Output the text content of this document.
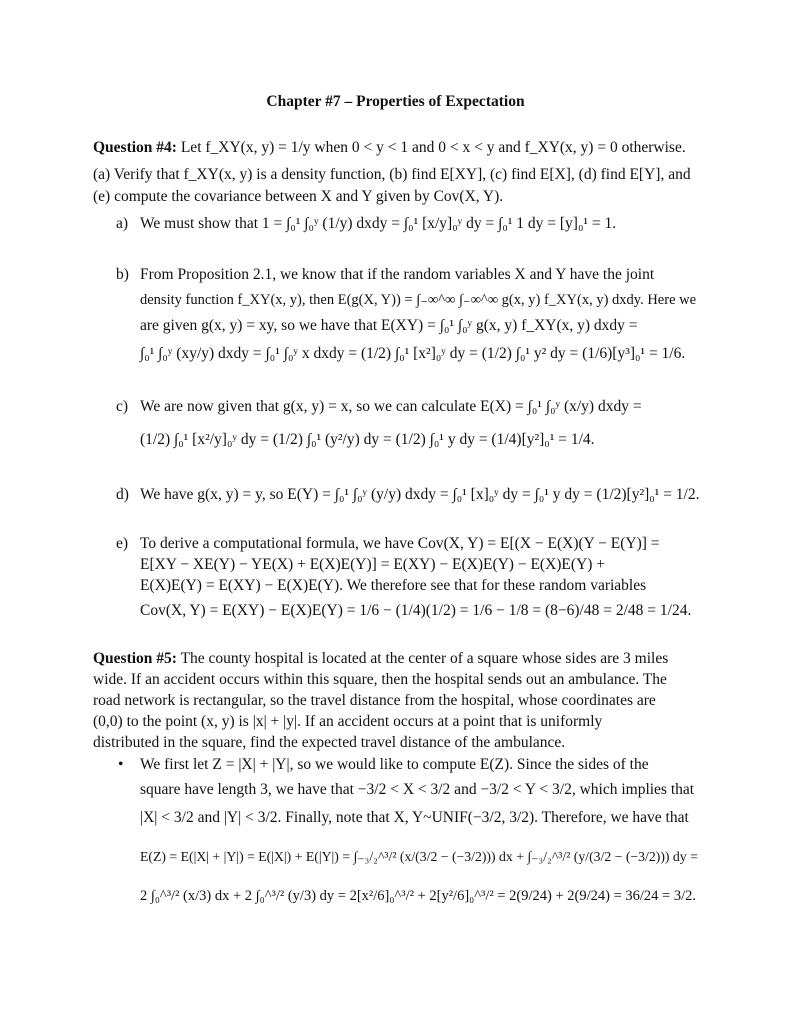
Chapter #7 – Properties of Expectation
Question #4: Let f_XY(x, y) = 1/y when 0 < y < 1 and 0 < x < y and f_XY(x, y) = 0 otherwise.
(a) Verify that f_XY(x, y) is a density function, (b) find E[XY], (c) find E[X], (d) find E[Y], and
(e) compute the covariance between X and Y given by Cov(X, Y).
a) We must show that 1 = ∫₀¹ ∫₀ʸ (1/y) dxdy = ∫₀¹ [x/y]₀ʸ dy = ∫₀¹ 1 dy = [y]₀¹ = 1.
b) From Proposition 2.1, we know that if the random variables X and Y have the joint
density function f_XY(x, y), then E(g(X, Y)) = ∫₋∞^∞ ∫₋∞^∞ g(x, y) f_XY(x, y) dxdy. Here we
are given g(x, y) = xy, so we have that E(XY) = ∫₀¹ ∫₀ʸ g(x, y) f_XY(x, y) dxdy =
∫₀¹ ∫₀ʸ (xy/y) dxdy = ∫₀¹ ∫₀ʸ x dxdy = (1/2) ∫₀¹ [x²]₀ʸ dy = (1/2) ∫₀¹ y² dy = (1/6)[y³]₀¹ = 1/6.
c) We are now given that g(x, y) = x, so we can calculate E(X) = ∫₀¹ ∫₀ʸ (x/y) dxdy =
(1/2) ∫₀¹ [x²/y]₀ʸ dy = (1/2) ∫₀¹ (y²/y) dy = (1/2) ∫₀¹ y dy = (1/4)[y²]₀¹ = 1/4.
d) We have g(x, y) = y, so E(Y) = ∫₀¹ ∫₀ʸ (y/y) dxdy = ∫₀¹ [x]₀ʸ dy = ∫₀¹ y dy = (1/2)[y²]₀¹ = 1/2.
e) To derive a computational formula, we have Cov(X, Y) = E[(X − E(X)(Y − E(Y)] =
E[XY − XE(Y) − YE(X) + E(X)E(Y)] = E(XY) − E(X)E(Y) − E(X)E(Y) +
E(X)E(Y) = E(XY) − E(X)E(Y). We therefore see that for these random variables
Cov(X, Y) = E(XY) − E(X)E(Y) = 1/6 − (1/4)(1/2) = 1/6 − 1/8 = (8−6)/48 = 2/48 = 1/24.
Question #5: The county hospital is located at the center of a square whose sides are 3 miles
wide. If an accident occurs within this square, then the hospital sends out an ambulance. The
road network is rectangular, so the travel distance from the hospital, whose coordinates are
(0,0) to the point (x, y) is |x| + |y|. If an accident occurs at a point that is uniformly
distributed in the square, find the expected travel distance of the ambulance.
• We first let Z = |X| + |Y|, so we would like to compute E(Z). Since the sides of the
square have length 3, we have that −3/2 < X < 3/2 and −3/2 < Y < 3/2, which implies that
|X| < 3/2 and |Y| < 3/2. Finally, note that X, Y~UNIF(−3/2, 3/2). Therefore, we have that
E(Z) = E(|X| + |Y|) = E(|X|) + E(|Y|) = ∫₋₃/₂^³/² (x/(3/2 − (−3/2))) dx + ∫₋₃/₂^³/² (y/(3/2 − (−3/2))) dy =
2 ∫₀^³/² (x/3) dx + 2 ∫₀^³/² (y/3) dy = 2[x²/6]₀^³/² + 2[y²/6]₀^³/² = 2(9/24) + 2(9/24) = 36/24 = 3/2.
